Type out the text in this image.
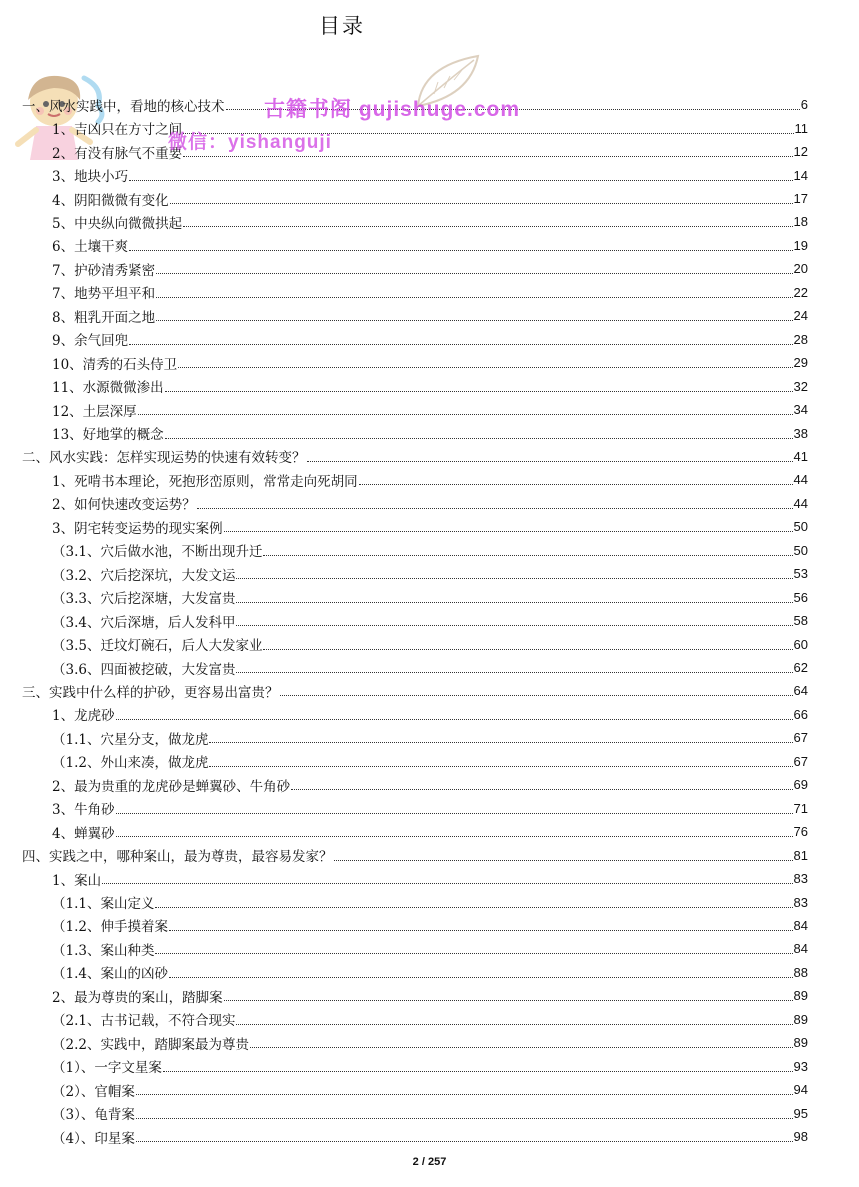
目录
一、风水实践中，看地的核心技术	6
1、吉凶只在方寸之间	11
2、有没有脉气不重要	12
3、地块小巧	14
4、阴阳微微有变化	17
5、中央纵向微微拱起	18
6、土壤干爽	19
7、护砂清秀紧密	20
7、地势平坦平和	22
8、粗乳开面之地	24
9、余气回兜	28
10、清秀的石头侍卫	29
11、水源微微渗出	32
12、土层深厚	34
13、好地掌的概念	38
二、风水实践：怎样实现运势的快速有效转变？	41
1、死啃书本理论，死抱形峦原则，常常走向死胡同	44
2、如何快速改变运势？	44
3、阴宅转变运势的现实案例	50
（3.1、穴后做水池，不断出现升迁	50
（3.2、穴后挖深坑，大发文运	53
（3.3、穴后挖深塘，大发富贵	56
（3.4、穴后深塘，后人发科甲	58
（3.5、迁坟灯碗石，后人大发家业	60
（3.6、四面被挖破，大发富贵	62
三、实践中什么样的护砂，更容易出富贵？	64
1、龙虎砂	66
（1.1、穴星分支，做龙虎	67
（1.2、外山来凑，做龙虎	67
2、最为贵重的龙虎砂是蝉翼砂、牛角砂	69
3、牛角砂	71
4、蝉翼砂	76
四、实践之中，哪种案山，最为尊贵，最容易发家？	81
1、案山	83
（1.1、案山定义	83
（1.2、伸手摸着案	84
（1.3、案山种类	84
（1.4、案山的凶砂	88
2、最为尊贵的案山，踏脚案	89
（2.1、古书记载，不符合现实	89
（2.2、实践中，踏脚案最为尊贵	89
（1）、一字文星案	93
（2）、官帽案	94
（3）、龟背案	95
（4）、印星案	98
古籍书阁 gujishuge.com
微信：yishanguji
2 / 257
